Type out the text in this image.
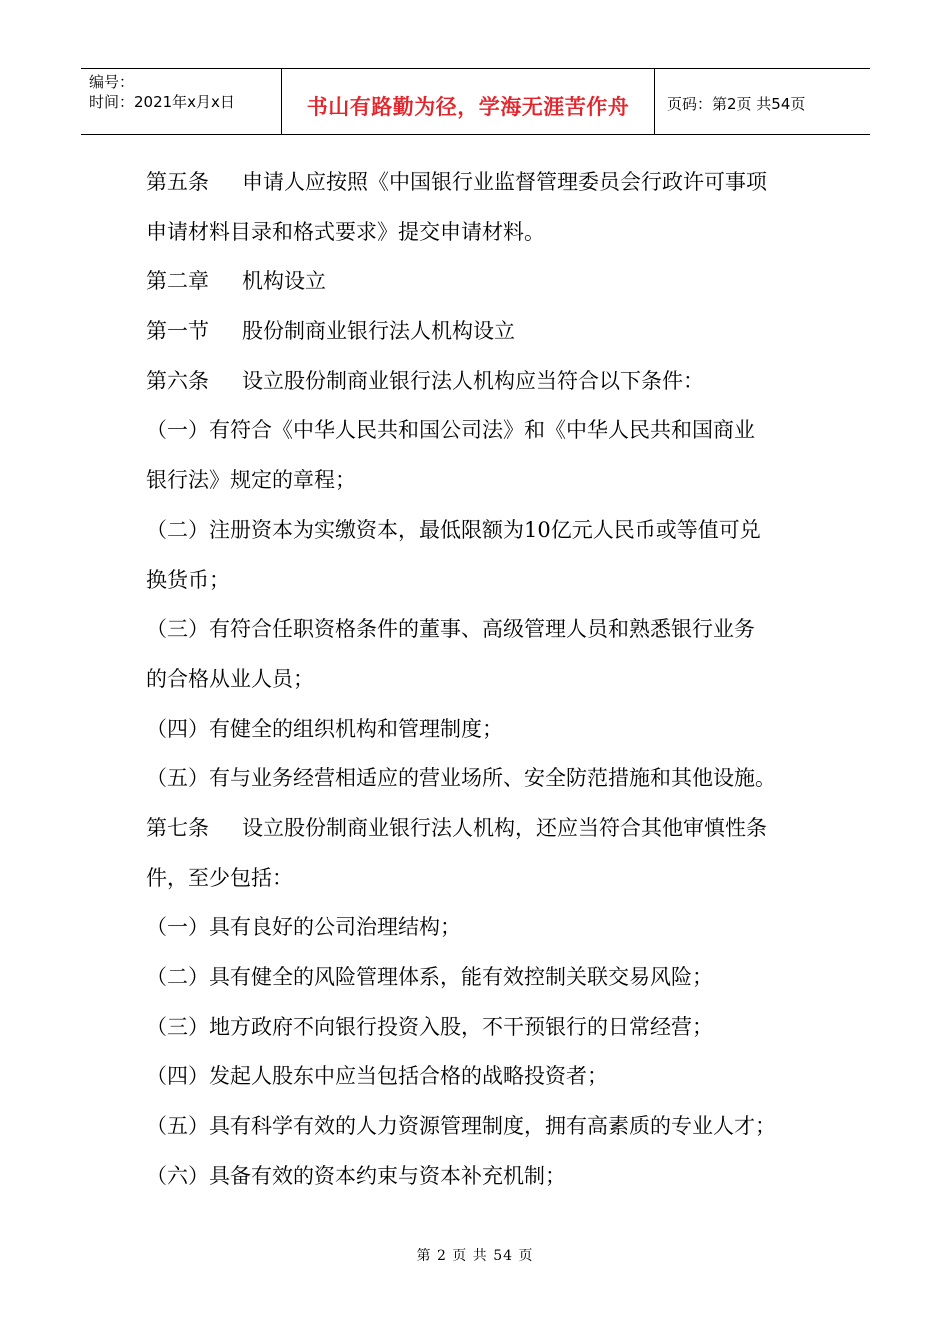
编号：
时间：2021年x月x日	书山有路勤为径，学海无涯苦作舟	页码：第2页 共54页
第五条 申请人应按照《中国银行业监督管理委员会行政许可事项
申请材料目录和格式要求》提交申请材料。
第二章 机构设立
第一节 股份制商业银行法人机构设立
第六条 设立股份制商业银行法人机构应当符合以下条件：
（一）有符合《中华人民共和国公司法》和《中华人民共和国商业
银行法》规定的章程；
（二）注册资本为实缴资本，最低限额为10亿元人民币或等值可兑
换货币；
（三）有符合任职资格条件的董事、高级管理人员和熟悉银行业务
的合格从业人员；
（四）有健全的组织机构和管理制度；
（五）有与业务经营相适应的营业场所、安全防范措施和其他设施。
第七条 设立股份制商业银行法人机构，还应当符合其他审慎性条
件，至少包括：
（一）具有良好的公司治理结构；
（二）具有健全的风险管理体系，能有效控制关联交易风险；
（三）地方政府不向银行投资入股，不干预银行的日常经营；
（四）发起人股东中应当包括合格的战略投资者；
（五）具有科学有效的人力资源管理制度，拥有高素质的专业人才；
（六）具备有效的资本约束与资本补充机制；
第 2 页 共 54 页
